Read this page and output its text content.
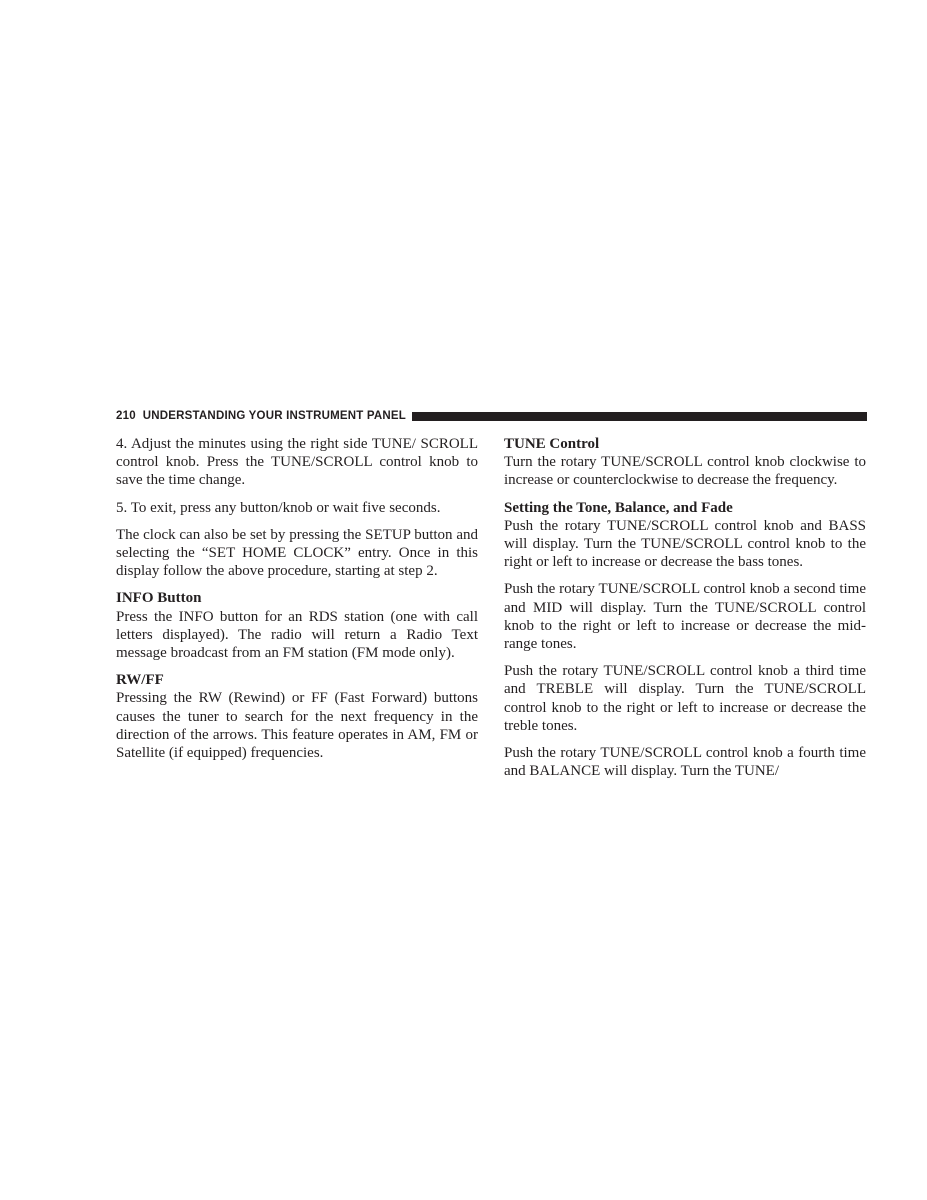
210 UNDERSTANDING YOUR INSTRUMENT PANEL

4. Adjust the minutes using the right side TUNE/ SCROLL control knob. Press the TUNE/SCROLL control knob to save the time change.

5. To exit, press any button/knob or wait five seconds.

The clock can also be set by pressing the SETUP button and selecting the “SET HOME CLOCK” entry. Once in this display follow the above procedure, starting at step 2.

INFO Button

Press the INFO button for an RDS station (one with call letters displayed). The radio will return a Radio Text message broadcast from an FM station (FM mode only).

RW/FF

Pressing the RW (Rewind) or FF (Fast Forward) buttons causes the tuner to search for the next frequency in the direction of the arrows. This feature operates in AM, FM or Satellite (if equipped) frequencies.

TUNE Control

Turn the rotary TUNE/SCROLL control knob clockwise to increase or counterclockwise to decrease the frequency.

Setting the Tone, Balance, and Fade

Push the rotary TUNE/SCROLL control knob and BASS will display. Turn the TUNE/SCROLL control knob to the right or left to increase or decrease the bass tones.

Push the rotary TUNE/SCROLL control knob a second time and MID will display. Turn the TUNE/SCROLL control knob to the right or left to increase or decrease the mid-range tones.

Push the rotary TUNE/SCROLL control knob a third time and TREBLE will display. Turn the TUNE/SCROLL control knob to the right or left to increase or decrease the treble tones.

Push the rotary TUNE/SCROLL control knob a fourth time and BALANCE will display. Turn the TUNE/
